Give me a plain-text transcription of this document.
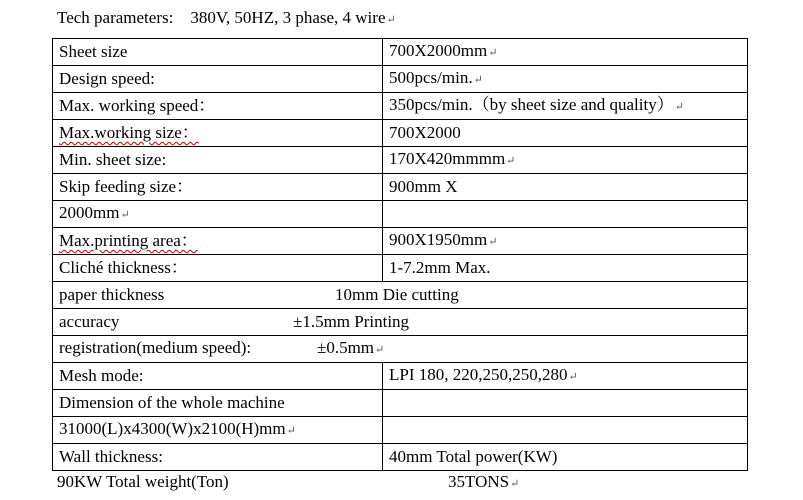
Tech parameters:    380V, 50HZ, 3 phase, 4 wire↵
Sheet size	700X2000mm↵
Design speed:	500pcs/min.↵
Max. working speed：	350pcs/min.（by sheet size and quality）↵
Max.working size：	700X2000
Min. sheet size:	170X420mmmm↵
Skip feeding size：	900mm X
2000mm↵	
Max.printing area：	900X1950mm↵
Cliché thickness：	1-7.2mm Max.
paper thickness 10mm Die cutting	
accuracy ±1.5mm Printing	
registration(medium speed): ±0.5mm↵	
Mesh mode:	LPI 180, 220,250,250,280↵
Dimension of the whole machine	
31000(L)x4300(W)x2100(H)mm↵	
Wall thickness:	40mm Total power(KW)
90KW Total weight(Ton)	35TONS↵
